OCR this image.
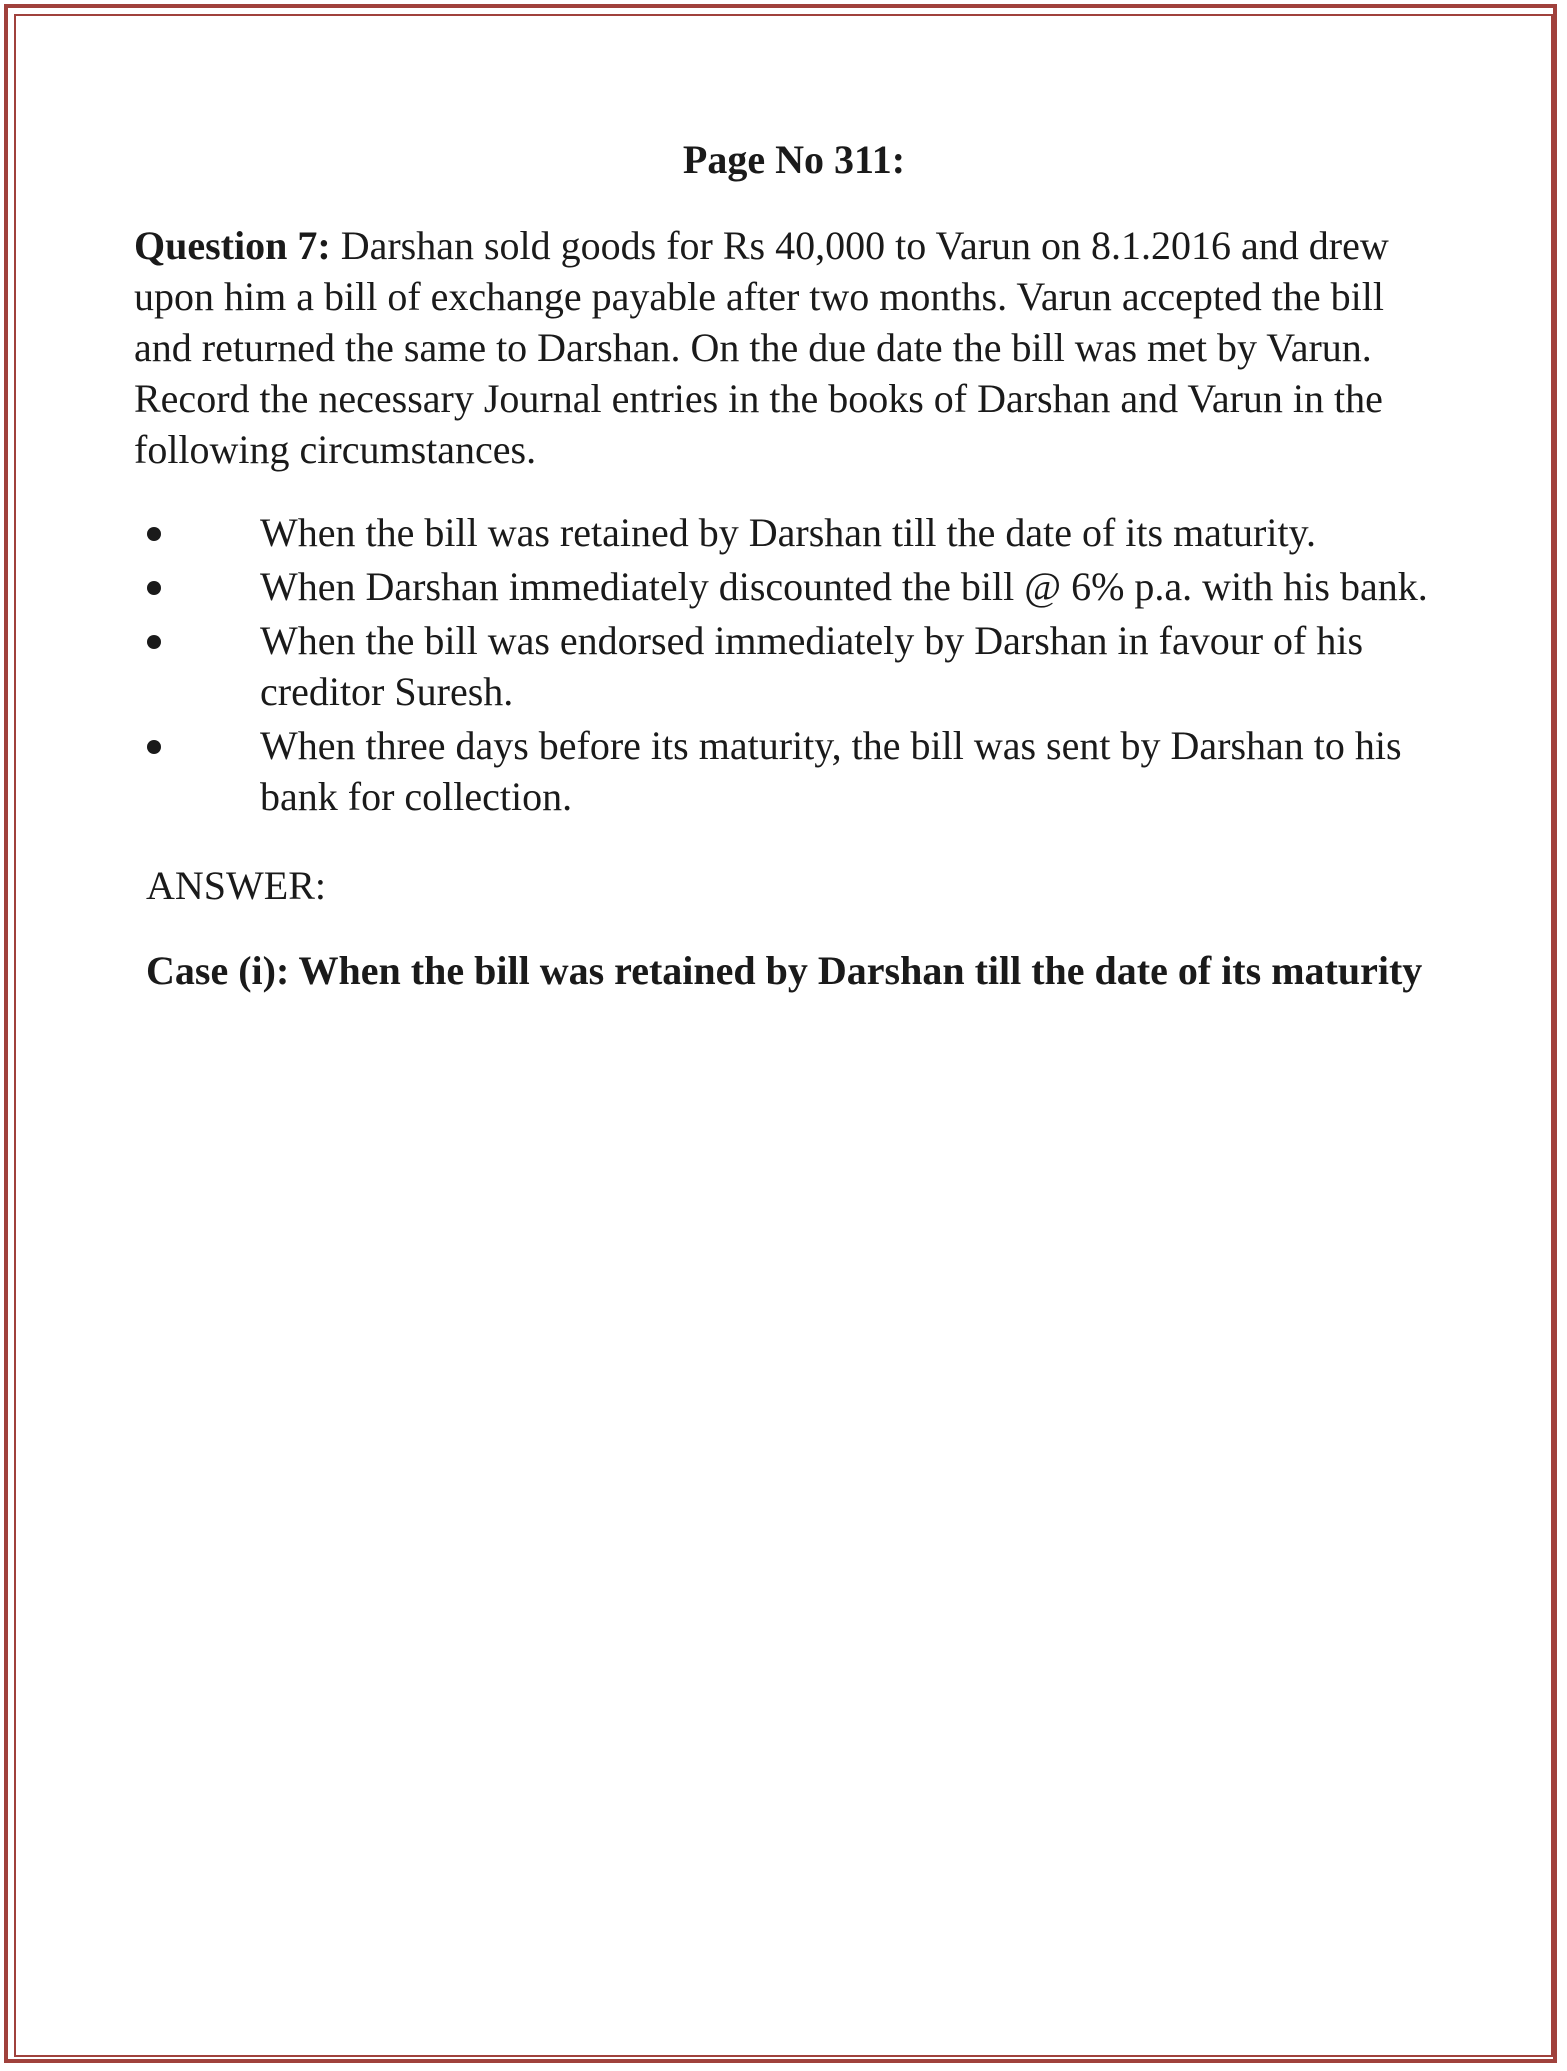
Page No 311:

Question 7: Darshan sold goods for Rs 40,000 to Varun on 8.1.2016 and drew upon him a bill of exchange payable after two months. Varun accepted the bill and returned the same to Darshan. On the due date the bill was met by Varun. Record the necessary Journal entries in the books of Darshan and Varun in the following circumstances.

When the bill was retained by Darshan till the date of its maturity.
When Darshan immediately discounted the bill @ 6% p.a. with his bank.
When the bill was endorsed immediately by Darshan in favour of his creditor Suresh.
When three days before its maturity, the bill was sent by Darshan to his bank for collection.
ANSWER:
Case (i): When the bill was retained by Darshan till the date of its maturity
